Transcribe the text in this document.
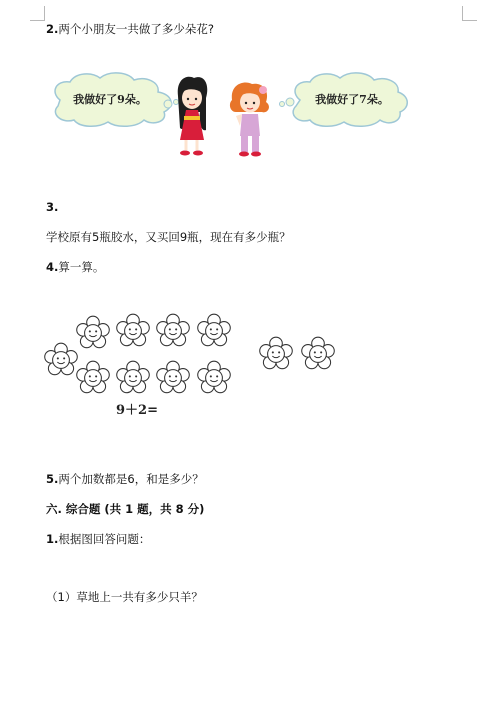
2.两个小朋友一共做了多少朵花?
我做好了9朵。	我做好了7朵。
3.
学校原有5瓶胶水，又买回9瓶，现在有多少瓶？
4.算一算。
9＋2=
5.两个加数都是6，和是多少？
六. 综合题 (共 1 题，共 8 分)
1.根据图回答问题：
（1）草地上一共有多少只羊？
